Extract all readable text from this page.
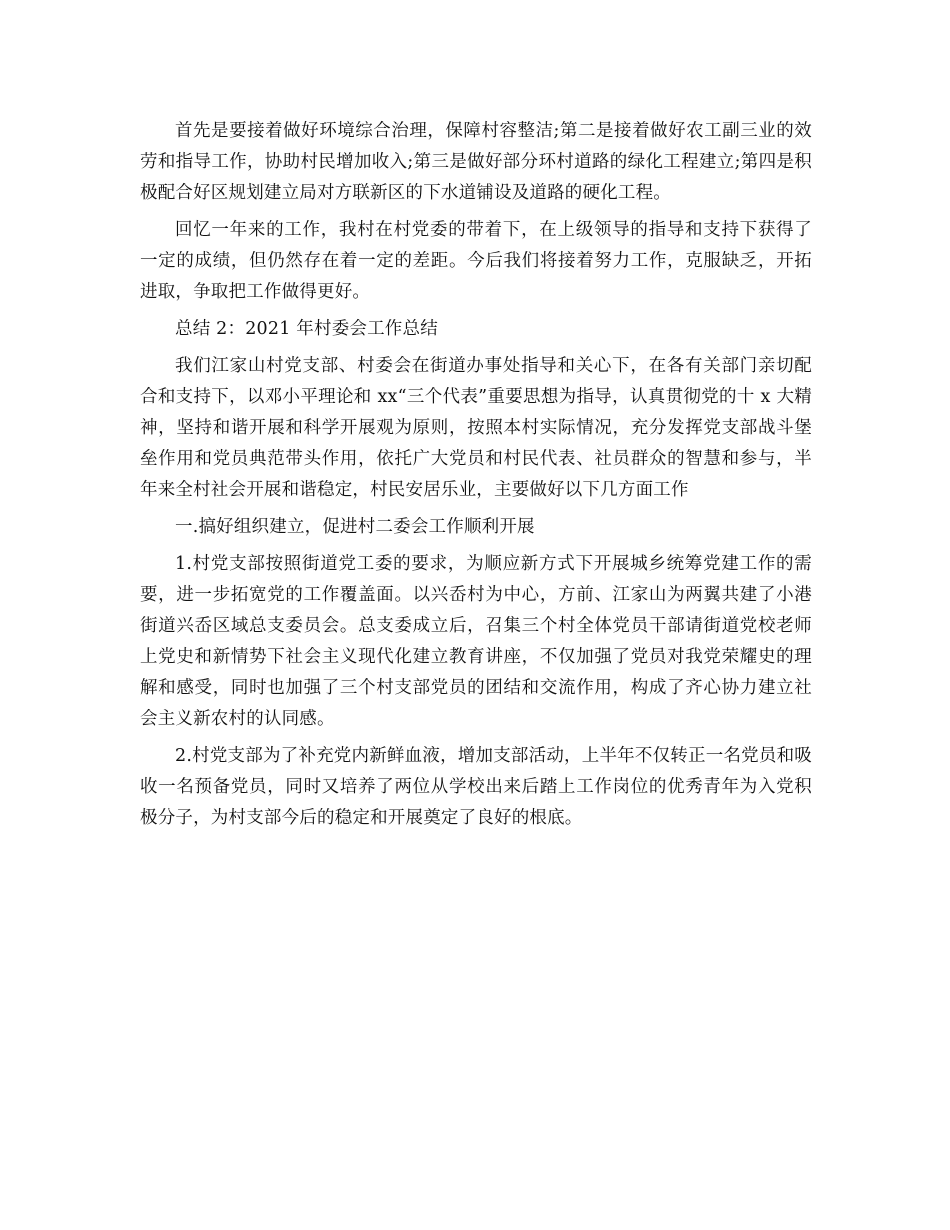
首先是要接着做好环境综合治理，保障村容整洁;第二是接着做好农工副三业的效劳和指导工作，协助村民增加收入;第三是做好部分环村道路的绿化工程建立;第四是积极配合好区规划建立局对方联新区的下水道铺设及道路的硬化工程。

回忆一年来的工作，我村在村党委的带着下，在上级领导的指导和支持下获得了一定的成绩，但仍然存在着一定的差距。今后我们将接着努力工作，克服缺乏，开拓进取，争取把工作做得更好。

总结 2：2021 年村委会工作总结

我们江家山村党支部、村委会在街道办事处指导和关心下，在各有关部门亲切配合和支持下，以邓小平理论和 xx“三个代表”重要思想为指导，认真贯彻党的十 x 大精神，坚持和谐开展和科学开展观为原则，按照本村实际情况，充分发挥党支部战斗堡垒作用和党员典范带头作用，依托广大党员和村民代表、社员群众的智慧和参与，半年来全村社会开展和谐稳定，村民安居乐业，主要做好以下几方面工作

一.搞好组织建立，促进村二委会工作顺利开展

1.村党支部按照街道党工委的要求，为顺应新方式下开展城乡统筹党建工作的需要，进一步拓宽党的工作覆盖面。以兴岙村为中心，方前、江家山为两翼共建了小港街道兴岙区域总支委员会。总支委成立后，召集三个村全体党员干部请街道党校老师上党史和新情势下社会主义现代化建立教育讲座，不仅加强了党员对我党荣耀史的理解和感受，同时也加强了三个村支部党员的团结和交流作用，构成了齐心协力建立社会主义新农村的认同感。

2.村党支部为了补充党内新鲜血液，增加支部活动，上半年不仅转正一名党员和吸收一名预备党员，同时又培养了两位从学校出来后踏上工作岗位的优秀青年为入党积极分子，为村支部今后的稳定和开展奠定了良好的根底。
